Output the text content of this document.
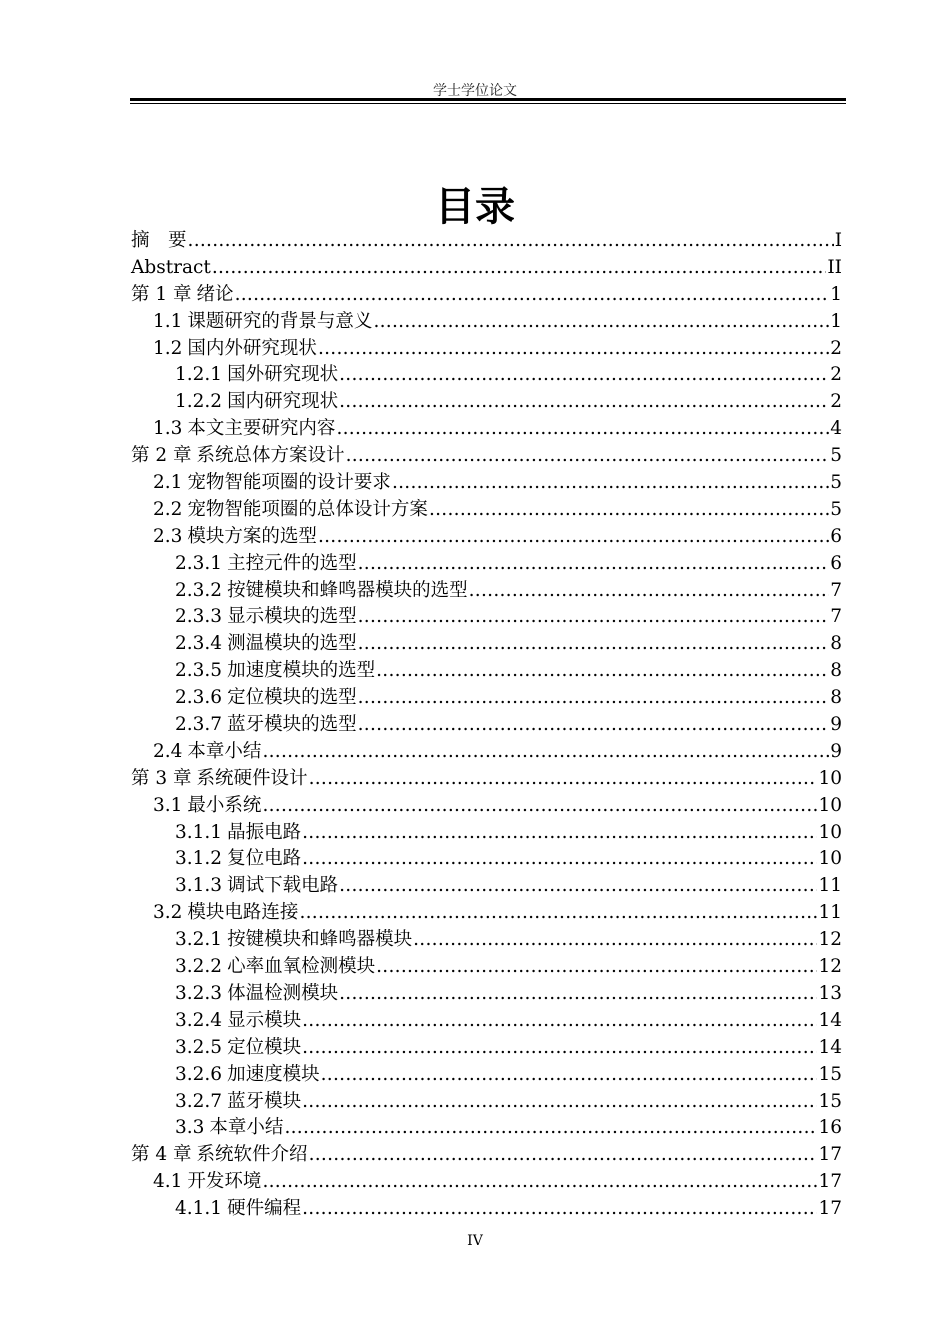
学士学位论文
目录
摘　要 .....	I
Abstract .....	II
第 1 章 绪论 .....	1
1.1 课题研究的背景与意义 .....	1
1.2 国内外研究现状 .....	2
1.2.1 国外研究现状 .....	2
1.2.2 国内研究现状 .....	2
1.3 本文主要研究内容 .....	4
第 2 章 系统总体方案设计 .....	5
2.1 宠物智能项圈的设计要求 .....	5
2.2 宠物智能项圈的总体设计方案 .....	5
2.3 模块方案的选型 .....	6
2.3.1 主控元件的选型 .....	6
2.3.2 按键模块和蜂鸣器模块的选型 .....	7
2.3.3 显示模块的选型 .....	7
2.3.4 测温模块的选型 .....	8
2.3.5 加速度模块的选型 .....	8
2.3.6 定位模块的选型 .....	8
2.3.7 蓝牙模块的选型 .....	9
2.4 本章小结 .....	9
第 3 章 系统硬件设计 .....	10
3.1 最小系统 .....	10
3.1.1 晶振电路 .....	10
3.1.2 复位电路 .....	10
3.1.3 调试下载电路 .....	11
3.2 模块电路连接 .....	11
3.2.1 按键模块和蜂鸣器模块 .....	12
3.2.2 心率血氧检测模块 .....	12
3.2.3 体温检测模块 .....	13
3.2.4 显示模块 .....	14
3.2.5 定位模块 .....	14
3.2.6 加速度模块 .....	15
3.2.7 蓝牙模块 .....	15
3.3 本章小结 .....	16
第 4 章 系统软件介绍 .....	17
4.1 开发环境 .....	17
4.1.1 硬件编程 .....	17
IV
